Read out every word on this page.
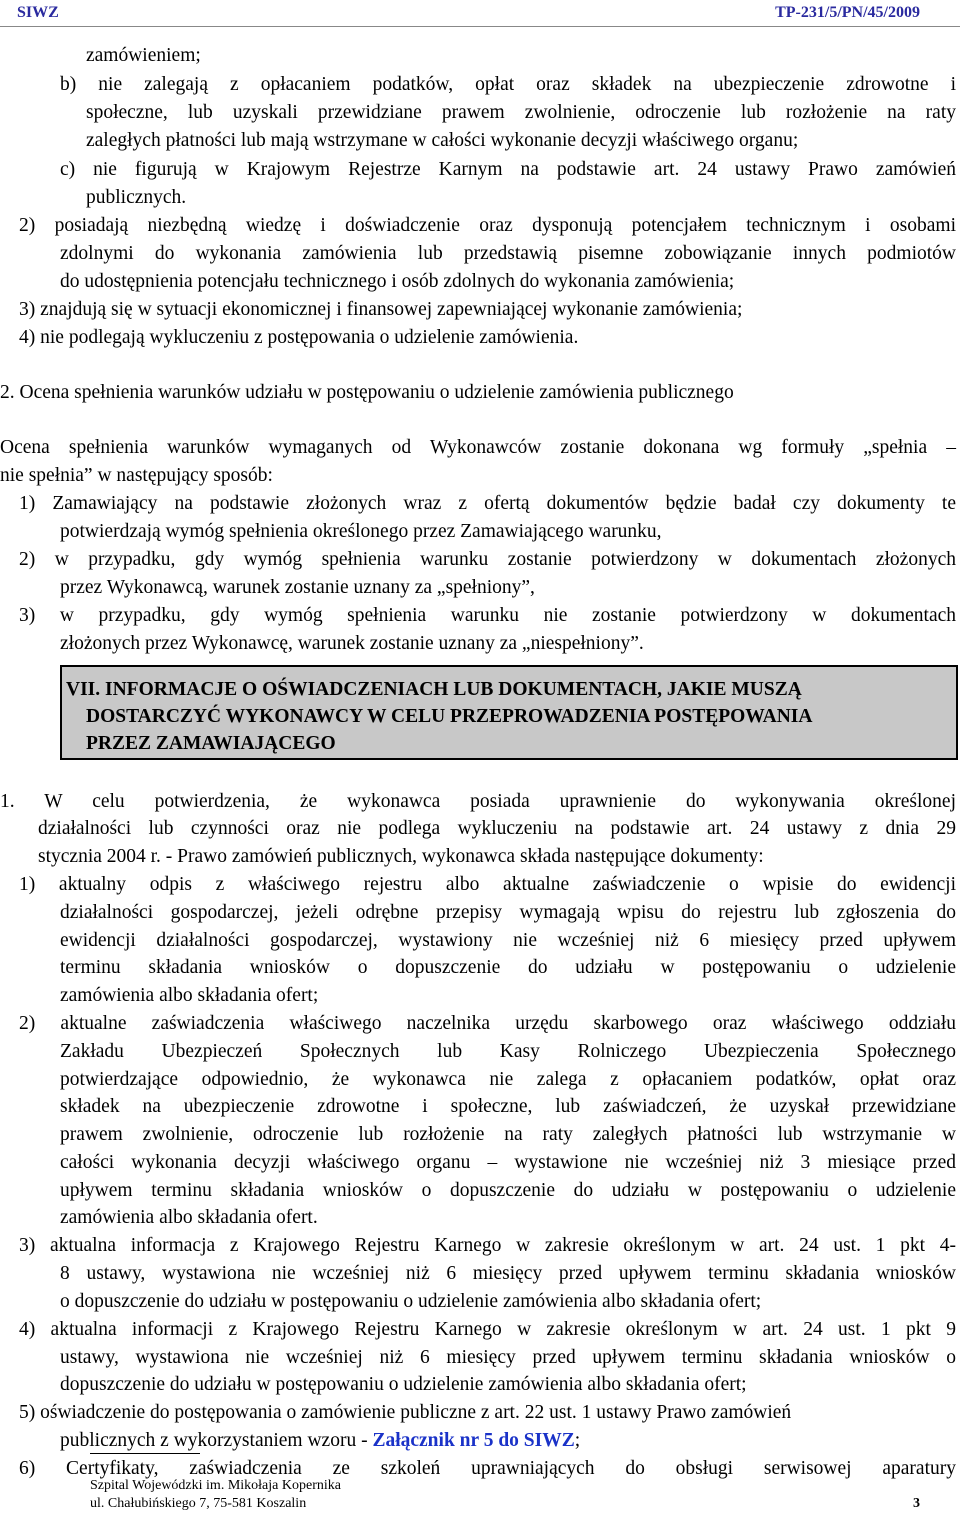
SIWZ	TP-231/5/PN/45/2009
zamówieniem;
b) nie zalegają z opłacaniem podatków, opłat oraz składek na ubezpieczenie zdrowotne i
społeczne, lub uzyskali przewidziane prawem zwolnienie, odroczenie lub rozłożenie na raty
zaległych płatności lub mają wstrzymane w całości wykonanie decyzji właściwego organu;
c) nie figurują w Krajowym Rejestrze Karnym na podstawie art. 24 ustawy Prawo zamówień
publicznych.
2) posiadają niezbędną wiedzę i doświadczenie oraz dysponują potencjałem technicznym i osobami
zdolnymi do wykonania zamówienia lub przedstawią pisemne zobowiązanie innych podmiotów
do udostępnienia potencjału technicznego i osób zdolnych do wykonania zamówienia;
3) znajdują się w sytuacji ekonomicznej i finansowej zapewniającej wykonanie zamówienia;
4) nie podlegają wykluczeniu z postępowania o udzielenie zamówienia.
2. Ocena spełnienia warunków udziału w postępowaniu o udzielenie zamówienia publicznego
Ocena spełnienia warunków wymaganych od Wykonawców zostanie dokonana wg formuły „spełnia –
nie spełnia” w następujący sposób:
1) Zamawiający na podstawie złożonych wraz z ofertą dokumentów będzie badał czy dokumenty te
potwierdzają wymóg spełnienia określonego przez Zamawiającego warunku,
2) w przypadku, gdy wymóg spełnienia warunku zostanie potwierdzony w dokumentach złożonych
przez Wykonawcą, warunek zostanie uznany za „spełniony”,
3) w przypadku, gdy wymóg spełnienia warunku nie zostanie potwierdzony w dokumentach
złożonych przez Wykonawcę, warunek zostanie uznany za „niespełniony”.
VII. INFORMACJE O OŚWIADCZENIACH LUB DOKUMENTACH, JAKIE MUSZĄ
DOSTARCZYĆ WYKONAWCY W CELU PRZEPROWADZENIA POSTĘPOWANIA
PRZEZ ZAMAWIAJĄCEGO
1. W celu potwierdzenia, że wykonawca posiada uprawnienie do wykonywania określonej
działalności lub czynności oraz nie podlega wykluczeniu na podstawie art. 24 ustawy z dnia 29
stycznia 2004 r. - Prawo zamówień publicznych, wykonawca składa następujące dokumenty:
1) aktualny odpis z właściwego rejestru albo aktualne zaświadczenie o wpisie do ewidencji
działalności gospodarczej, jeżeli odrębne przepisy wymagają wpisu do rejestru lub zgłoszenia do
ewidencji działalności gospodarczej, wystawiony nie wcześniej niż 6 miesięcy przed upływem
terminu składania wniosków o dopuszczenie do udziału w postępowaniu o udzielenie
zamówienia albo składania ofert;
2) aktualne zaświadczenia właściwego naczelnika urzędu skarbowego oraz właściwego oddziału
Zakładu Ubezpieczeń Społecznych lub Kasy Rolniczego Ubezpieczenia Społecznego
potwierdzające odpowiednio, że wykonawca nie zalega z opłacaniem podatków, opłat oraz
składek na ubezpieczenie zdrowotne i społeczne, lub zaświadczeń, że uzyskał przewidziane
prawem zwolnienie, odroczenie lub rozłożenie na raty zaległych płatności lub wstrzymanie w
całości wykonania decyzji właściwego organu – wystawione nie wcześniej niż 3 miesiące przed
upływem terminu składania wniosków o dopuszczenie do udziału w postępowaniu o udzielenie
zamówienia albo składania ofert.
3) aktualna informacja z Krajowego Rejestru Karnego w zakresie określonym w art. 24 ust. 1 pkt 4-
8 ustawy, wystawiona nie wcześniej niż 6 miesięcy przed upływem terminu składania wniosków
o dopuszczenie do udziału w postępowaniu o udzielenie zamówienia albo składania ofert;
4) aktualna informacji z Krajowego Rejestru Karnego w zakresie określonym w art. 24 ust. 1 pkt 9
ustawy, wystawiona nie wcześniej niż 6 miesięcy przed upływem terminu składania wniosków o
dopuszczenie do udziału w postępowaniu o udzielenie zamówienia albo składania ofert;
5) oświadczenie do postępowania o zamówienie publiczne z art. 22 ust. 1 ustawy Prawo zamówień
publicznych z wykorzystaniem wzoru - Załącznik nr 5 do SIWZ;
6) Certyfikaty, zaświadczenia ze szkoleń uprawniających do obsługi serwisowej aparatury
Szpital Wojewódzki im. Mikołaja Kopernika
ul. Chałubińskiego 7, 75-581 Koszalin	3
